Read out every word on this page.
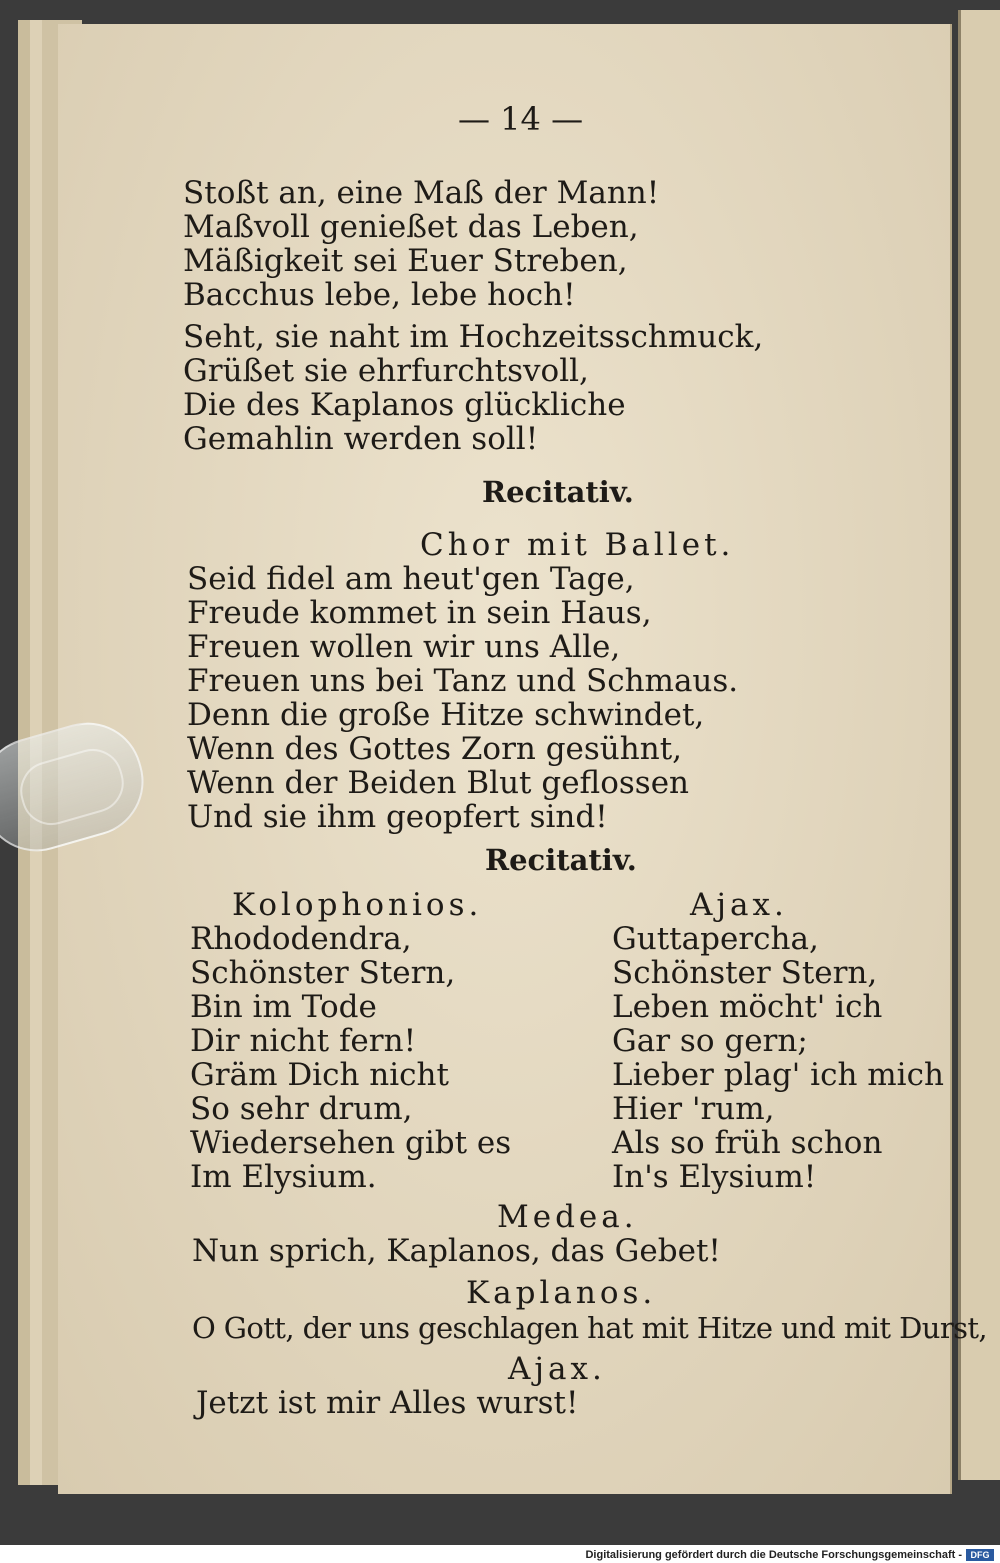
— 14 —
Stoßt an, eine Maß der Mann!
Maßvoll genießet das Leben,
Mäßigkeit sei Euer Streben,
Bacchus lebe, lebe hoch!
Seht, sie naht im Hochzeitsschmuck,
Grüßet sie ehrfurchtsvoll,
Die des Kaplanos glückliche
Gemahlin werden soll!
Recitativ.
Chor mit Ballet.
Seid fidel am heut'gen Tage,
Freude kommet in sein Haus,
Freuen wollen wir uns Alle,
Freuen uns bei Tanz und Schmaus.
Denn die große Hitze schwindet,
Wenn des Gottes Zorn gesühnt,
Wenn der Beiden Blut geflossen
Und sie ihm geopfert sind!
Recitativ.
Kolophonios.
Rhododendra,
Schönster Stern,
Bin im Tode
Dir nicht fern!
Gräm Dich nicht
So sehr drum,
Wiedersehen gibt es
Im Elysium.
Ajax.
Guttapercha,
Schönster Stern,
Leben möcht' ich
Gar so gern;
Lieber plag' ich mich
Hier 'rum,
Als so früh schon
In's Elysium!
Medea.
Nun sprich, Kaplanos, das Gebet!
Kaplanos.
O Gott, der uns geschlagen hat mit Hitze und mit Durst,
Ajax.
Jetzt ist mir Alles wurst!
Digitalisierung gefördert durch die Deutsche Forschungsgemeinschaft - DFG
